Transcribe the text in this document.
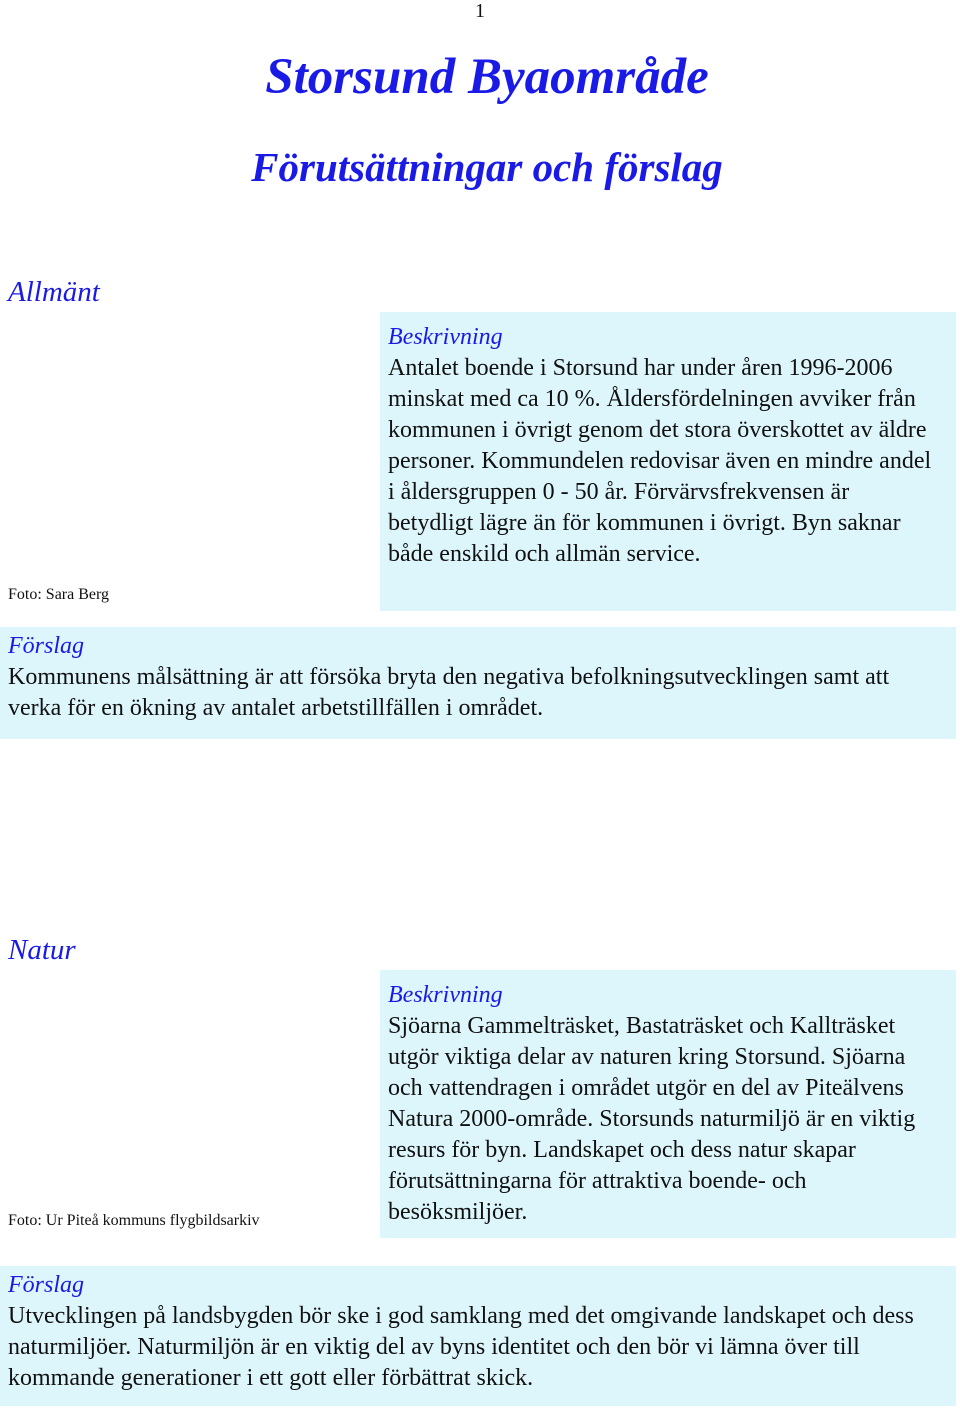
1
Storsund Byaområde
Förutsättningar och förslag
Allmänt
Foto: Sara Berg
Beskrivning
Antalet boende i Storsund har under åren 1996-2006 minskat med ca 10 %. Åldersfördelningen avviker från kommunen i övrigt genom det stora överskottet av äldre personer. Kommundelen redovisar även en mindre andel i åldersgruppen 0 - 50 år. Förvärvsfrekvensen är betydligt lägre än för kommunen i övrigt. Byn saknar både enskild och allmän service.
Förslag
Kommunens målsättning är att försöka bryta den negativa befolkningsutvecklingen samt att verka för en ökning av antalet arbetstillfällen i området.
Natur
Foto: Ur Piteå kommuns flygbildsarkiv
Beskrivning
Sjöarna Gammelträsket, Bastaträsket och Kallträsket utgör viktiga delar av naturen kring Storsund. Sjöarna och vattendragen i området utgör en del av Piteälvens Natura 2000-område. Storsunds naturmiljö är en viktig resurs för byn. Landskapet och dess natur skapar förutsättningarna för attraktiva boende- och besöksmiljöer.
Förslag
Utvecklingen på landsbygden bör ske i god samklang med det omgivande landskapet och dess naturmiljöer. Naturmiljön är en viktig del av byns identitet och den bör vi lämna över till kommande generationer i ett gott eller förbättrat skick.
